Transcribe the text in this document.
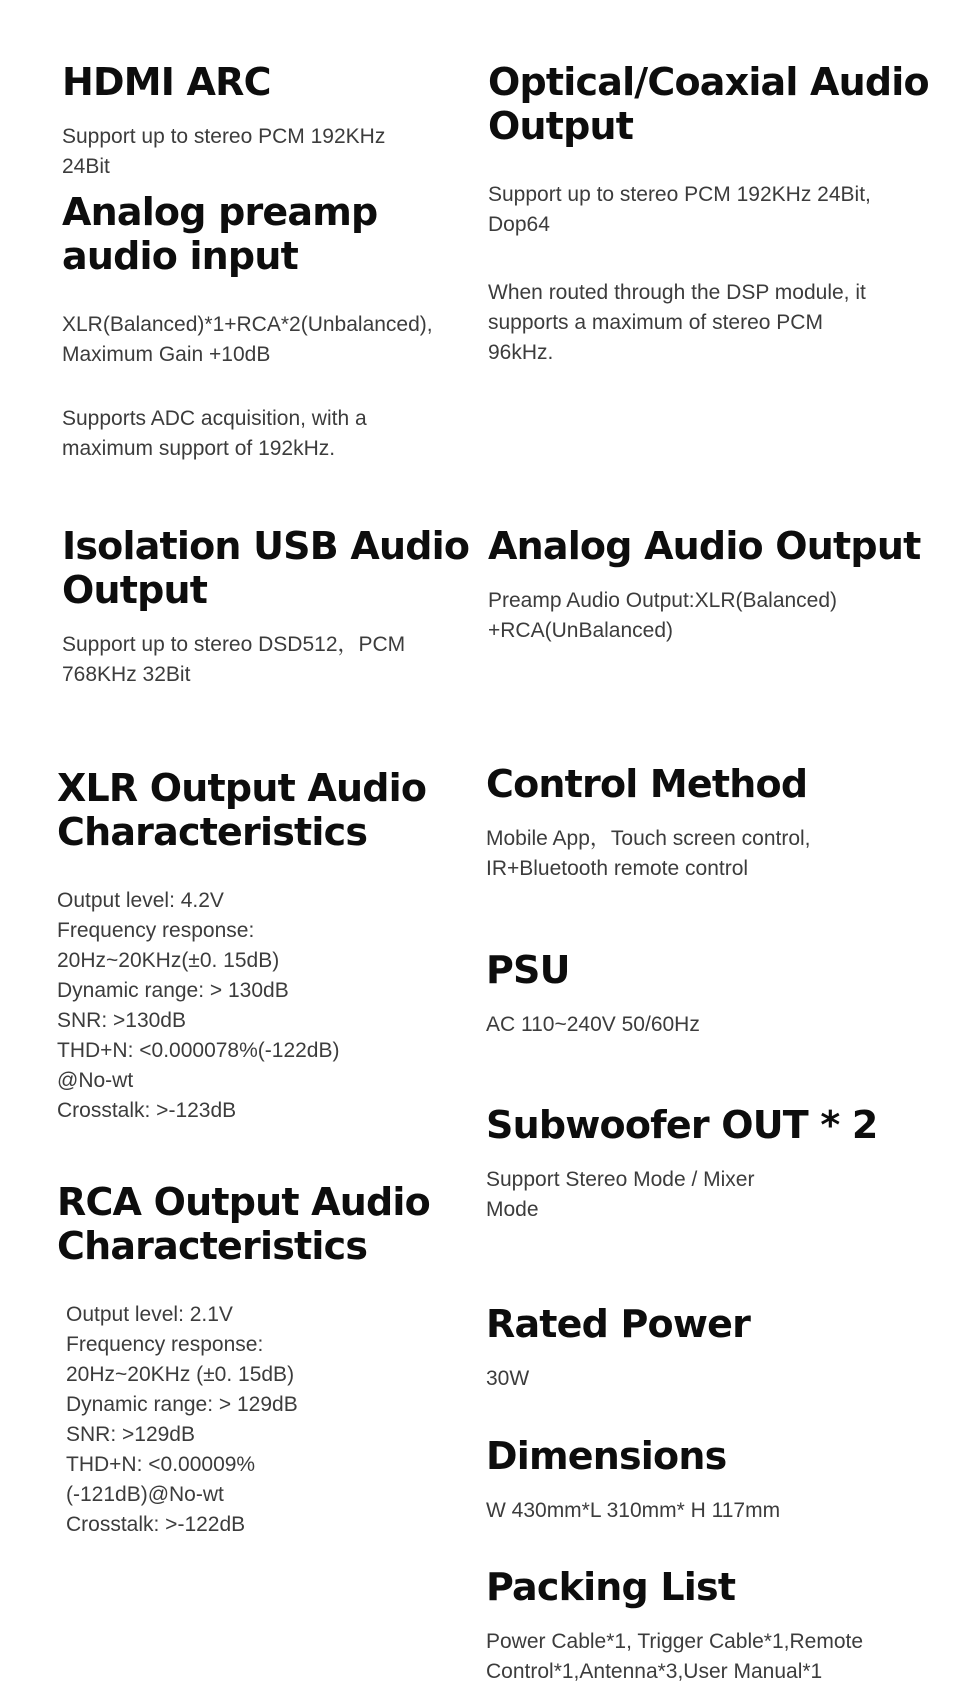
HDMI ARC

Support up to stereo PCM 192KHz
24Bit

Analog preamp
audio input

XLR(Balanced)*1+RCA*2(Unbalanced),
Maximum Gain +10dB

Supports ADC acquisition, with a
maximum support of 192kHz.

Isolation USB Audio
Output

Support up to stereo DSD512，PCM
768KHz 32Bit

XLR Output Audio
Characteristics

Output level: 4.2V
Frequency response:
20Hz~20KHz(±0. 15dB)
Dynamic range: > 130dB
SNR: >130dB
THD+N: <0.000078%(-122dB)
@No-wt
Crosstalk: >-123dB

RCA Output Audio
Characteristics

Output level: 2.1V
Frequency response:
20Hz~20KHz (±0. 15dB)
Dynamic range: > 129dB
SNR: >129dB
THD+N: <0.00009%
(-121dB)@No-wt
Crosstalk: >-122dB

Optical/Coaxial Audio
Output

Support up to stereo PCM 192KHz 24Bit,
Dop64

When routed through the DSP module, it
supports a maximum of stereo PCM
96kHz.

Analog Audio Output

Preamp Audio Output:XLR(Balanced)
+RCA(UnBalanced)

Control Method

Mobile App，Touch screen control,
IR+Bluetooth remote control

PSU

AC 110~240V 50/60Hz

Subwoofer OUT * 2

Support Stereo Mode / Mixer
Mode

Rated Power

30W

Dimensions

W 430mm*L 310mm* H 117mm

Packing List

Power Cable*1, Trigger Cable*1,Remote
Control*1,Antenna*3,User Manual*1
